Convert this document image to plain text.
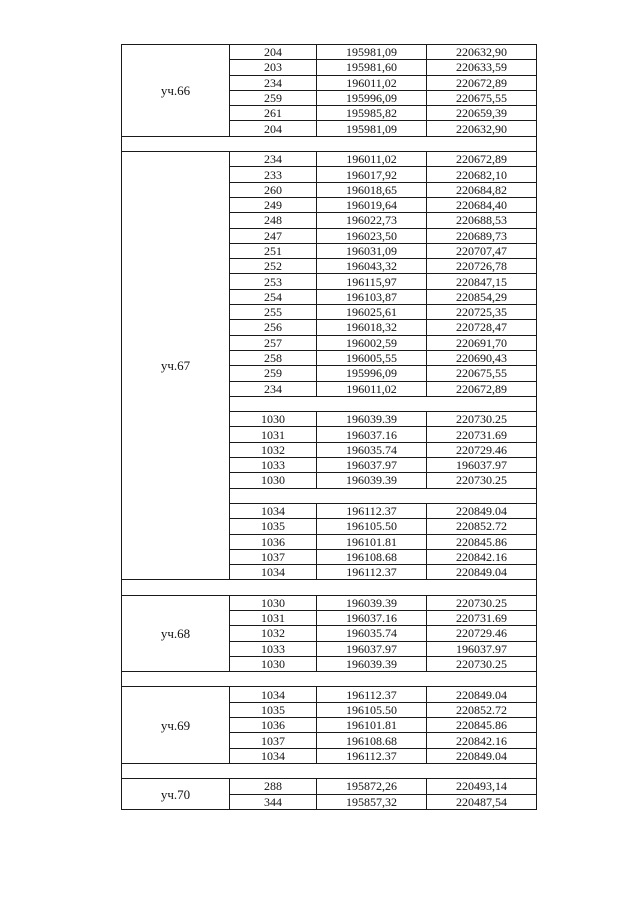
уч.66	204	195981,09	220632,90
	203	195981,60	220633,59
	234	196011,02	220672,89
	259	195996,09	220675,55
	261	195985,82	220659,39
	204	195981,09	220632,90

уч.67	234	196011,02	220672,89
	233	196017,92	220682,10
	260	196018,65	220684,82
	249	196019,64	220684,40
	248	196022,73	220688,53
	247	196023,50	220689,73
	251	196031,09	220707,47
	252	196043,32	220726,78
	253	196115,97	220847,15
	254	196103,87	220854,29
	255	196025,61	220725,35
	256	196018,32	220728,47
	257	196002,59	220691,70
	258	196005,55	220690,43
	259	195996,09	220675,55
	234	196011,02	220672,89

	1030	196039.39	220730.25
	1031	196037.16	220731.69
	1032	196035.74	220729.46
	1033	196037.97	196037.97
	1030	196039.39	220730.25

	1034	196112.37	220849.04
	1035	196105.50	220852.72
	1036	196101.81	220845.86
	1037	196108.68	220842.16
	1034	196112.37	220849.04

уч.68	1030	196039.39	220730.25
	1031	196037.16	220731.69
	1032	196035.74	220729.46
	1033	196037.97	196037.97
	1030	196039.39	220730.25

уч.69	1034	196112.37	220849.04
	1035	196105.50	220852.72
	1036	196101.81	220845.86
	1037	196108.68	220842.16
	1034	196112.37	220849.04

уч.70	288	195872,26	220493,14
	344	195857,32	220487,54
